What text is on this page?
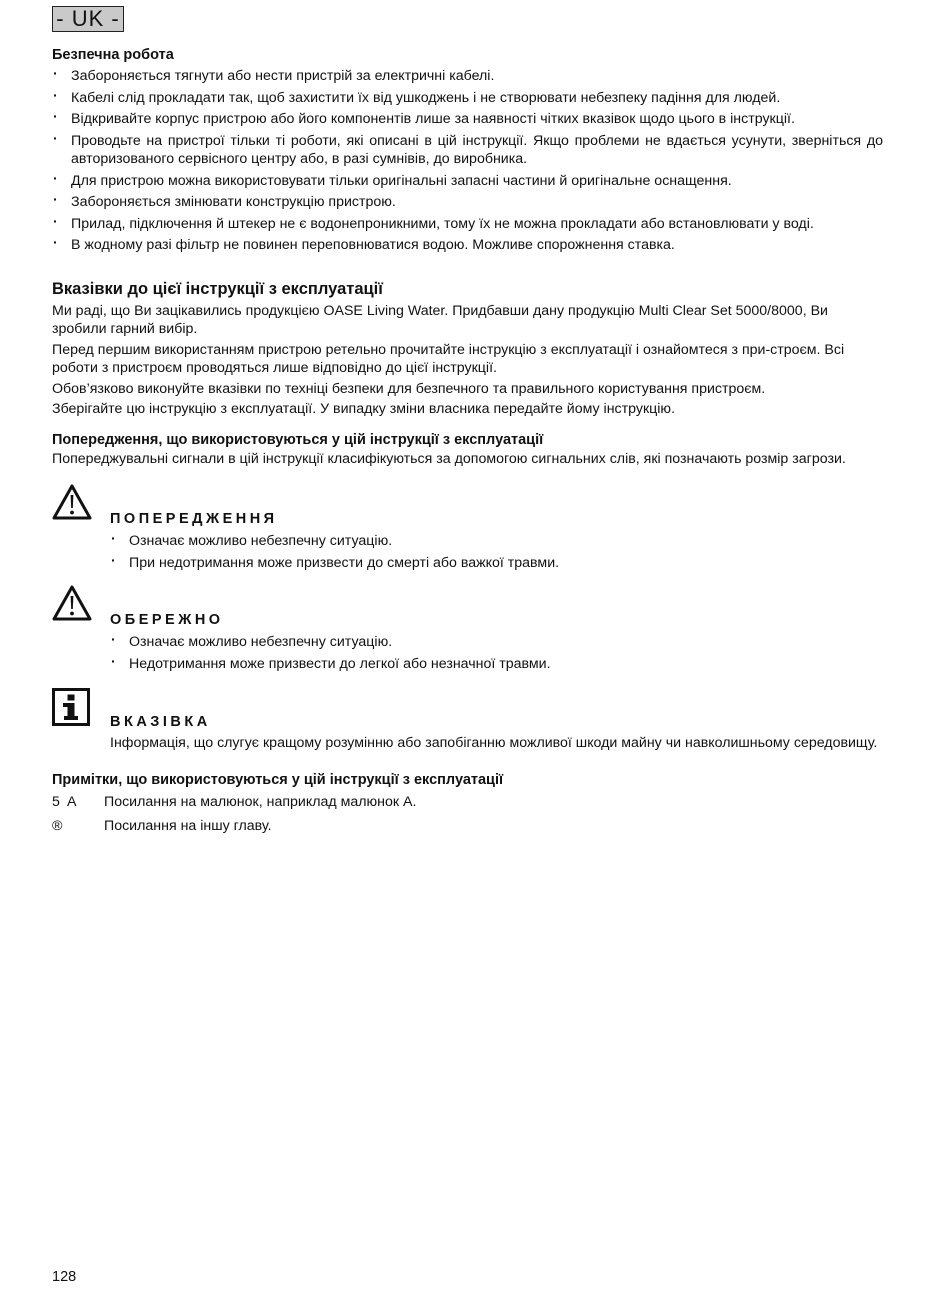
- UK -
Безпечна робота
· Забороняється тягнути або нести пристрій за електричні кабелі.
· Кабелі слід прокладати так, щоб захистити їх від ушкоджень і не створювати небезпеку падіння для людей.
· Відкривайте корпус пристрою або його компонентів лише за наявності чітких вказівок щодо цього в інструкції.
· Проводьте на пристрої тільки ті роботи, які описані в цій інструкції. Якщо проблеми не вдається усунути, зверніться до авторизованого сервісного центру або, в разі сумнівів, до виробника.
· Для пристрою можна використовувати тільки оригінальні запасні частини й оригінальне оснащення.
· Забороняється змінювати конструкцію пристрою.
· Прилад, підключення й штекер не є водонепроникними, тому їх не можна прокладати або встановлювати у воді.
· В жодному разі фільтр не повинен переповнюватися водою. Можливе спорожнення ставка.
Вказівки до цієї інструкції з експлуатації

Ми раді, що Ви зацікавились продукцією OASE Living Water. Придбавши дану продукцію Multi Clear Set 5000/8000, Ви зробили гарний вибір.

Перед першим використанням пристрою ретельно прочитайте інструкцію з експлуатації і ознайомтеся з при-строєм. Всі роботи з пристроєм проводяться лише відповідно до цієї інструкції.

Обов’язково виконуйте вказівки по техніці безпеки для безпечного та правильного користування пристроєм.

Зберігайте цю інструкцію з експлуатації. У випадку зміни власника передайте йому інструкцію.

Попередження, що використовуються у цій інструкції з експлуатації

Попереджувальні сигнали в цій інструкції класифікуються за допомогою сигнальних слів, які позначають розмір загрози.

ПОПЕРЕДЖЕННЯ
· Означає можливо небезпечну ситуацію.
· При недотримання може призвести до смерті або важкої травми.
ОБЕРЕЖНО
· Означає можливо небезпечну ситуацію.
· Недотримання може призвести до легкої або незначної травми.
ВКАЗІВКА

Інформація, що слугує кращому розумінню або запобіганню можливої шкоди майну чи навколишньому середовищу.

Примітки, що використовуються у цій інструкції з експлуатації
5  A	Посилання на малюнок, наприклад малюнок А.
®	Посилання на іншу главу.
128
